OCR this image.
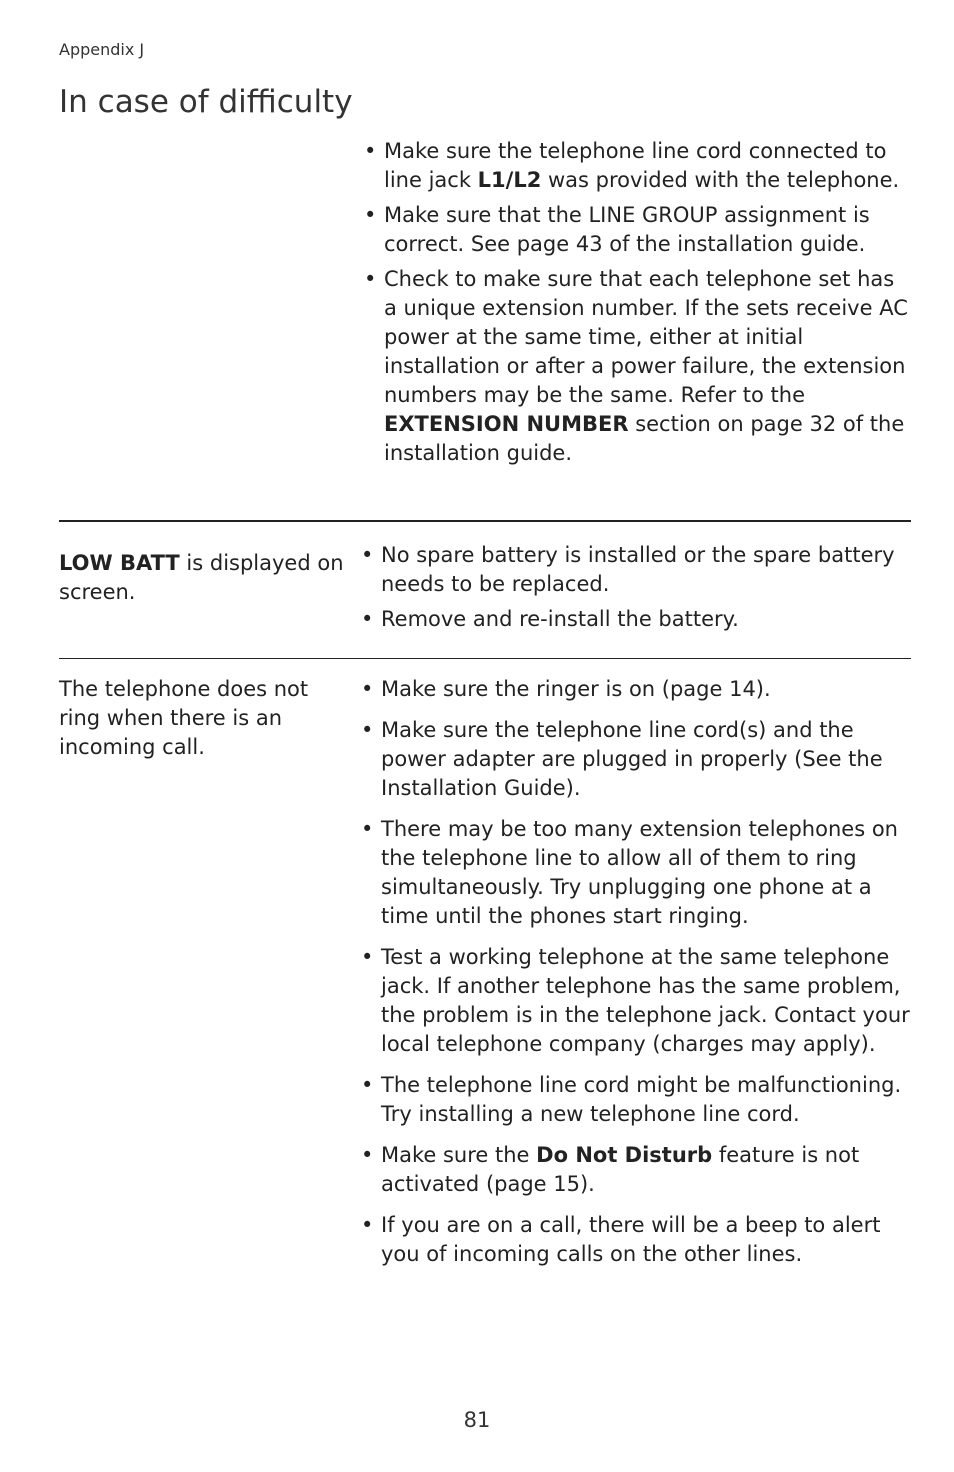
Appendix J
In case of difficulty
• Make sure the telephone line cord connected to line jack L1/L2 was provided with the telephone.
• Make sure that the LINE GROUP assignment is correct. See page 43 of the installation guide.
• Check to make sure that each telephone set has a unique extension number. If the sets receive AC power at the same time, either at initial installation or after a power failure, the extension numbers may be the same. Refer to the EXTENSION NUMBER section on page 32 of the installation guide.
LOW BATT is displayed on screen.
• No spare battery is installed or the spare battery needs to be replaced.
• Remove and re-install the battery.
The telephone does not ring when there is an incoming call.
• Make sure the ringer is on (page 14).
• Make sure the telephone line cord(s) and the power adapter are plugged in properly (See the Installation Guide).
• There may be too many extension telephones on the telephone line to allow all of them to ring simultaneously. Try unplugging one phone at a time until the phones start ringing.
• Test a working telephone at the same telephone jack. If another telephone has the same problem, the problem is in the telephone jack. Contact your local telephone company (charges may apply).
• The telephone line cord might be malfunctioning. Try installing a new telephone line cord.
• Make sure the Do Not Disturb feature is not activated (page 15).
• If you are on a call, there will be a beep to alert you of incoming calls on the other lines.
81
